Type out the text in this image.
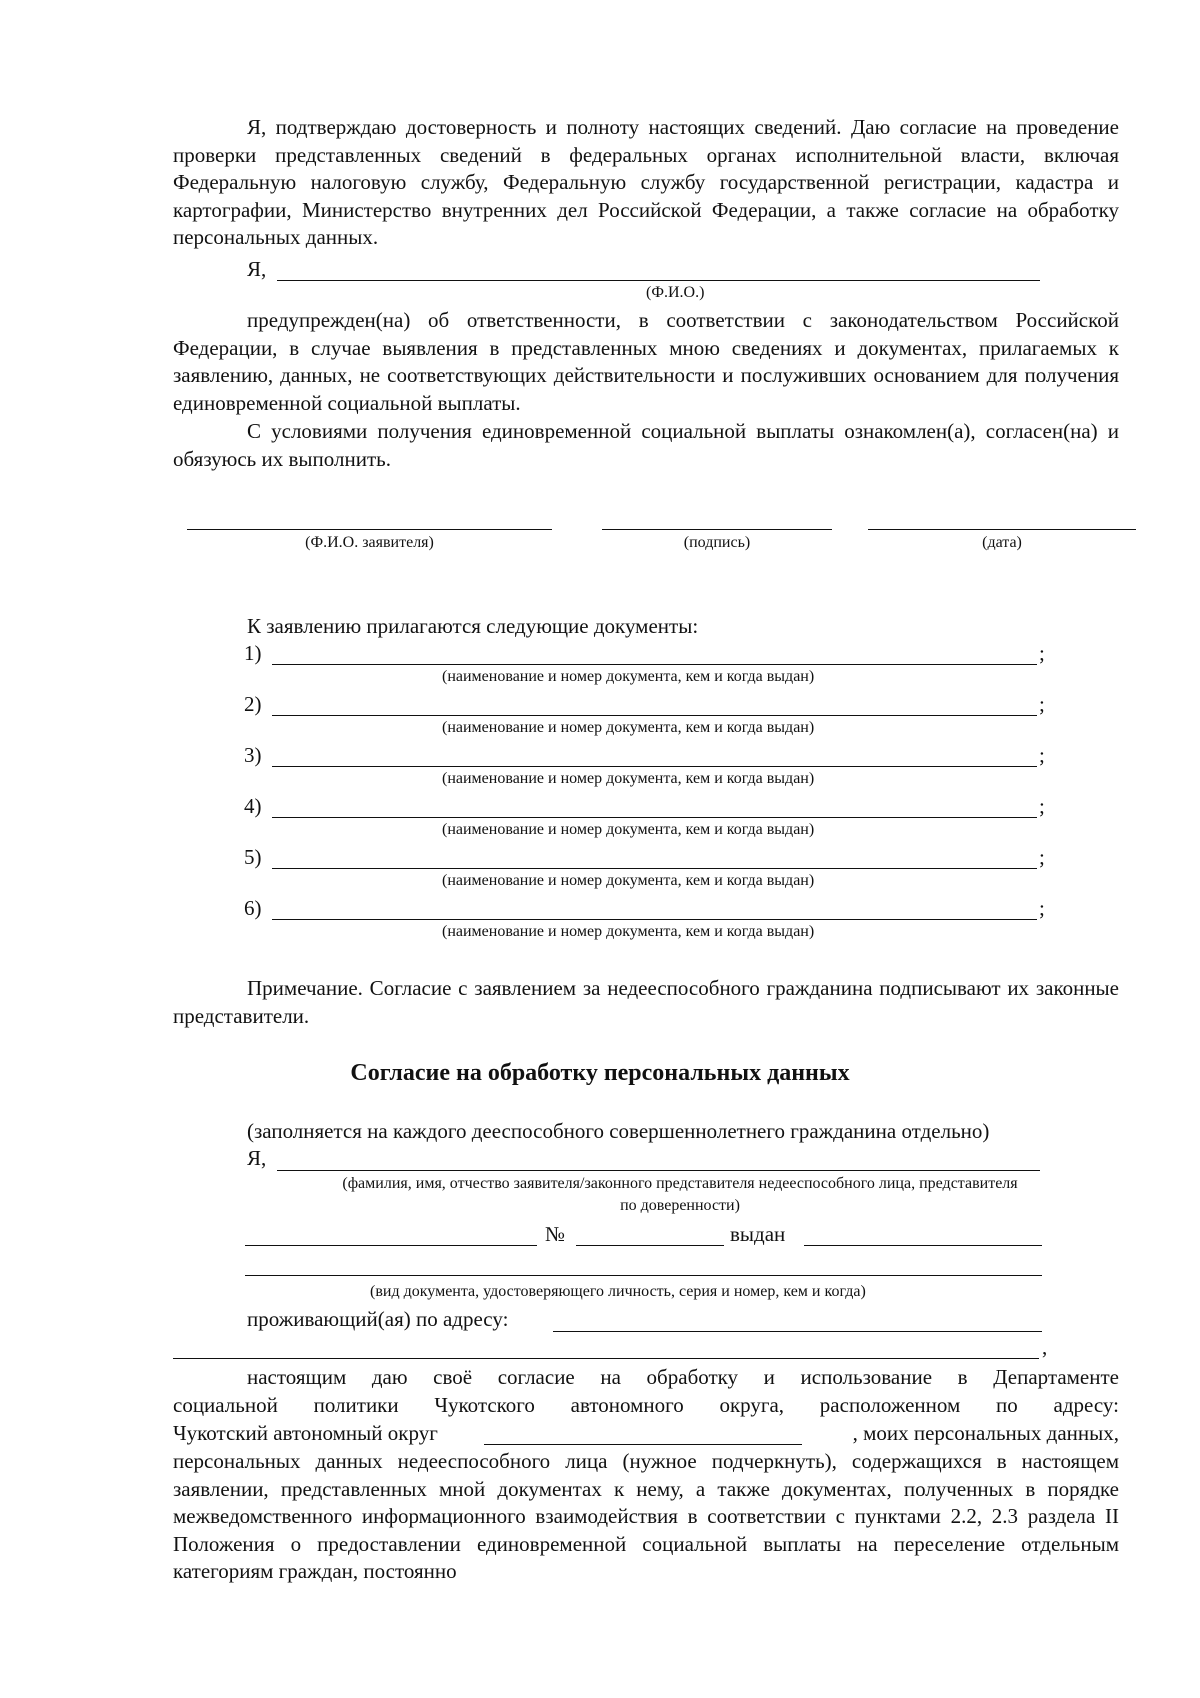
Я, подтверждаю достоверность и полноту настоящих сведений. Даю согласие на проведение проверки представленных сведений в федеральных органах исполнительной власти, включая Федеральную налоговую службу, Федеральную службу государственной регистрации, кадастра и картографии, Министерство внутренних дел Российской Федерации, а также согласие на обработку персональных данных.

Я,
(Ф.И.О.)

предупрежден(на) об ответственности, в соответствии с законодательством Российской Федерации, в случае выявления в представленных мною сведениях и документах, прилагаемых к заявлению, данных, не соответствующих действительности и послуживших основанием для получения единовременной социальной выплаты.

С условиями получения единовременной социальной выплаты ознакомлен(а), согласен(на) и обязуюсь их выполнить.

(Ф.И.О. заявителя)	(подпись)	(дата)
К заявлению прилагаются следующие документы:
1)	;
(наименование и номер документа, кем и когда выдан)
2)	;
(наименование и номер документа, кем и когда выдан)
3)	;
(наименование и номер документа, кем и когда выдан)
4)	;
(наименование и номер документа, кем и когда выдан)
5)	;
(наименование и номер документа, кем и когда выдан)
6)	;
(наименование и номер документа, кем и когда выдан)

Примечание. Согласие с заявлением за недееспособного гражданина подписывают их законные представители.

Согласие на обработку персональных данных
(заполняется на каждого дееспособного совершеннолетнего гражданина отдельно)
Я,
(фамилия, имя, отчество заявителя/законного представителя недееспособного лица, представителя
по доверенности)
№	выдан
(вид документа, удостоверяющего личность, серия и номер, кем и когда)
проживающий(ая) по адресу:
,
настоящим даю своё согласие на обработку и использование в Департаменте
социальной политики Чукотского автономного округа, расположенном по адресу:
Чукотский автономный округ	, моих персональных данных,

персональных данных недееспособного лица (нужное подчеркнуть), содержащихся в настоящем заявлении, представленных мной документах к нему, а также документах, полученных в порядке межведомственного информационного взаимодействия в соответствии с пунктами 2.2, 2.3 раздела II Положения о предоставлении единовременной социальной выплаты на переселение отдельным категориям граждан, постоянно
